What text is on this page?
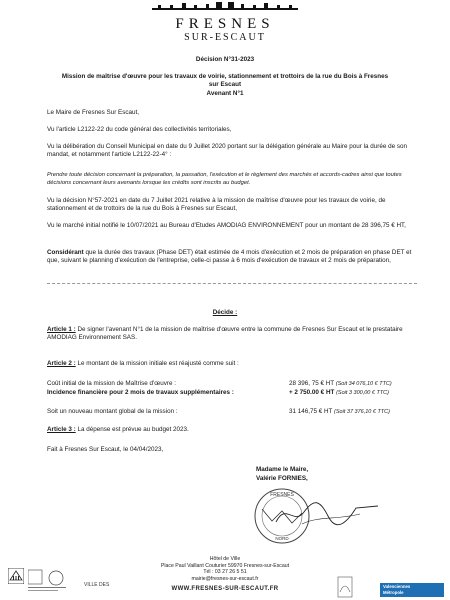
FRESNES
SUR-ESCAUT
Décision N°31-2023
Mission de maîtrise d'œuvre pour les travaux de voirie, stationnement et trottoirs de la rue du Bois à Fresnes sur Escaut
Avenant N°1
Le Maire de Fresnes Sur Escaut,
Vu l'article L2122-22 du code général des collectivités territoriales,
Vu la délibération du Conseil Municipal en date du 9 Juillet 2020 portant sur la délégation générale au Maire pour la durée de son mandat, et notamment l'article L2122-22-4° :
Prendre toute décision concernant la préparation, la passation, l'exécution et le règlement des marchés et accords-cadres ainsi que toutes décisions concernant leurs avenants lorsque les crédits sont inscrits au budget.
Vu la décision N°57-2021 en date du 7 Juillet 2021 relative à la mission de maîtrise d'œuvre pour les travaux de voirie, de stationnement et de trottoirs de la rue du Bois à Fresnes sur Escaut,
Vu le marché initial notifié le 10/07/2021 au Bureau d'Etudes AMODIAG ENVIRONNEMENT pour un montant de 28 396,75 € HT,
Considérant que la durée des travaux (Phase DET) était estimée de 4 mois d'exécution et 2 mois de préparation en phase DET et que, suivant le planning d'exécution de l'entreprise, celle-ci passe à 6 mois d'exécution de travaux et 2 mois de préparation,
Décide :
Article 1 : De signer l'avenant N°1 de la mission de maîtrise d'œuvre entre la commune de Fresnes Sur Escaut et le prestataire AMODIAG Environnement SAS.
Article 2 : Le montant de la mission initiale est réajusté comme suit :
Coût initial de la mission de Maîtrise d'œuvre :	28 396, 75 € HT (Soit 34 076,10 € TTC)
Incidence financière pour 2 mois de travaux supplémentaires :	+ 2 750.00 € HT (Soit 3 300,00 € TTC)
Soit un nouveau montant global de la mission :	31 146,75 € HT (Soit 37 376,10 € TTC)
Article 3 : La dépense est prévue au budget 2023.
Fait à Fresnes Sur Escaut, le 04/04/2023,
Madame le Maire,
Valérie FORNIES,
FRESNES
NORD
Hôtel de Ville
Place Paul Vaillant Couturier 59970 Fresnes-sur-Escaut
Tél : 03 27 26 5 51
mairie@fresnes-sur-escaut.fr
WWW.FRESNES-SUR-ESCAUT.FR
VILLE DES	Valenciennes
Métropole
